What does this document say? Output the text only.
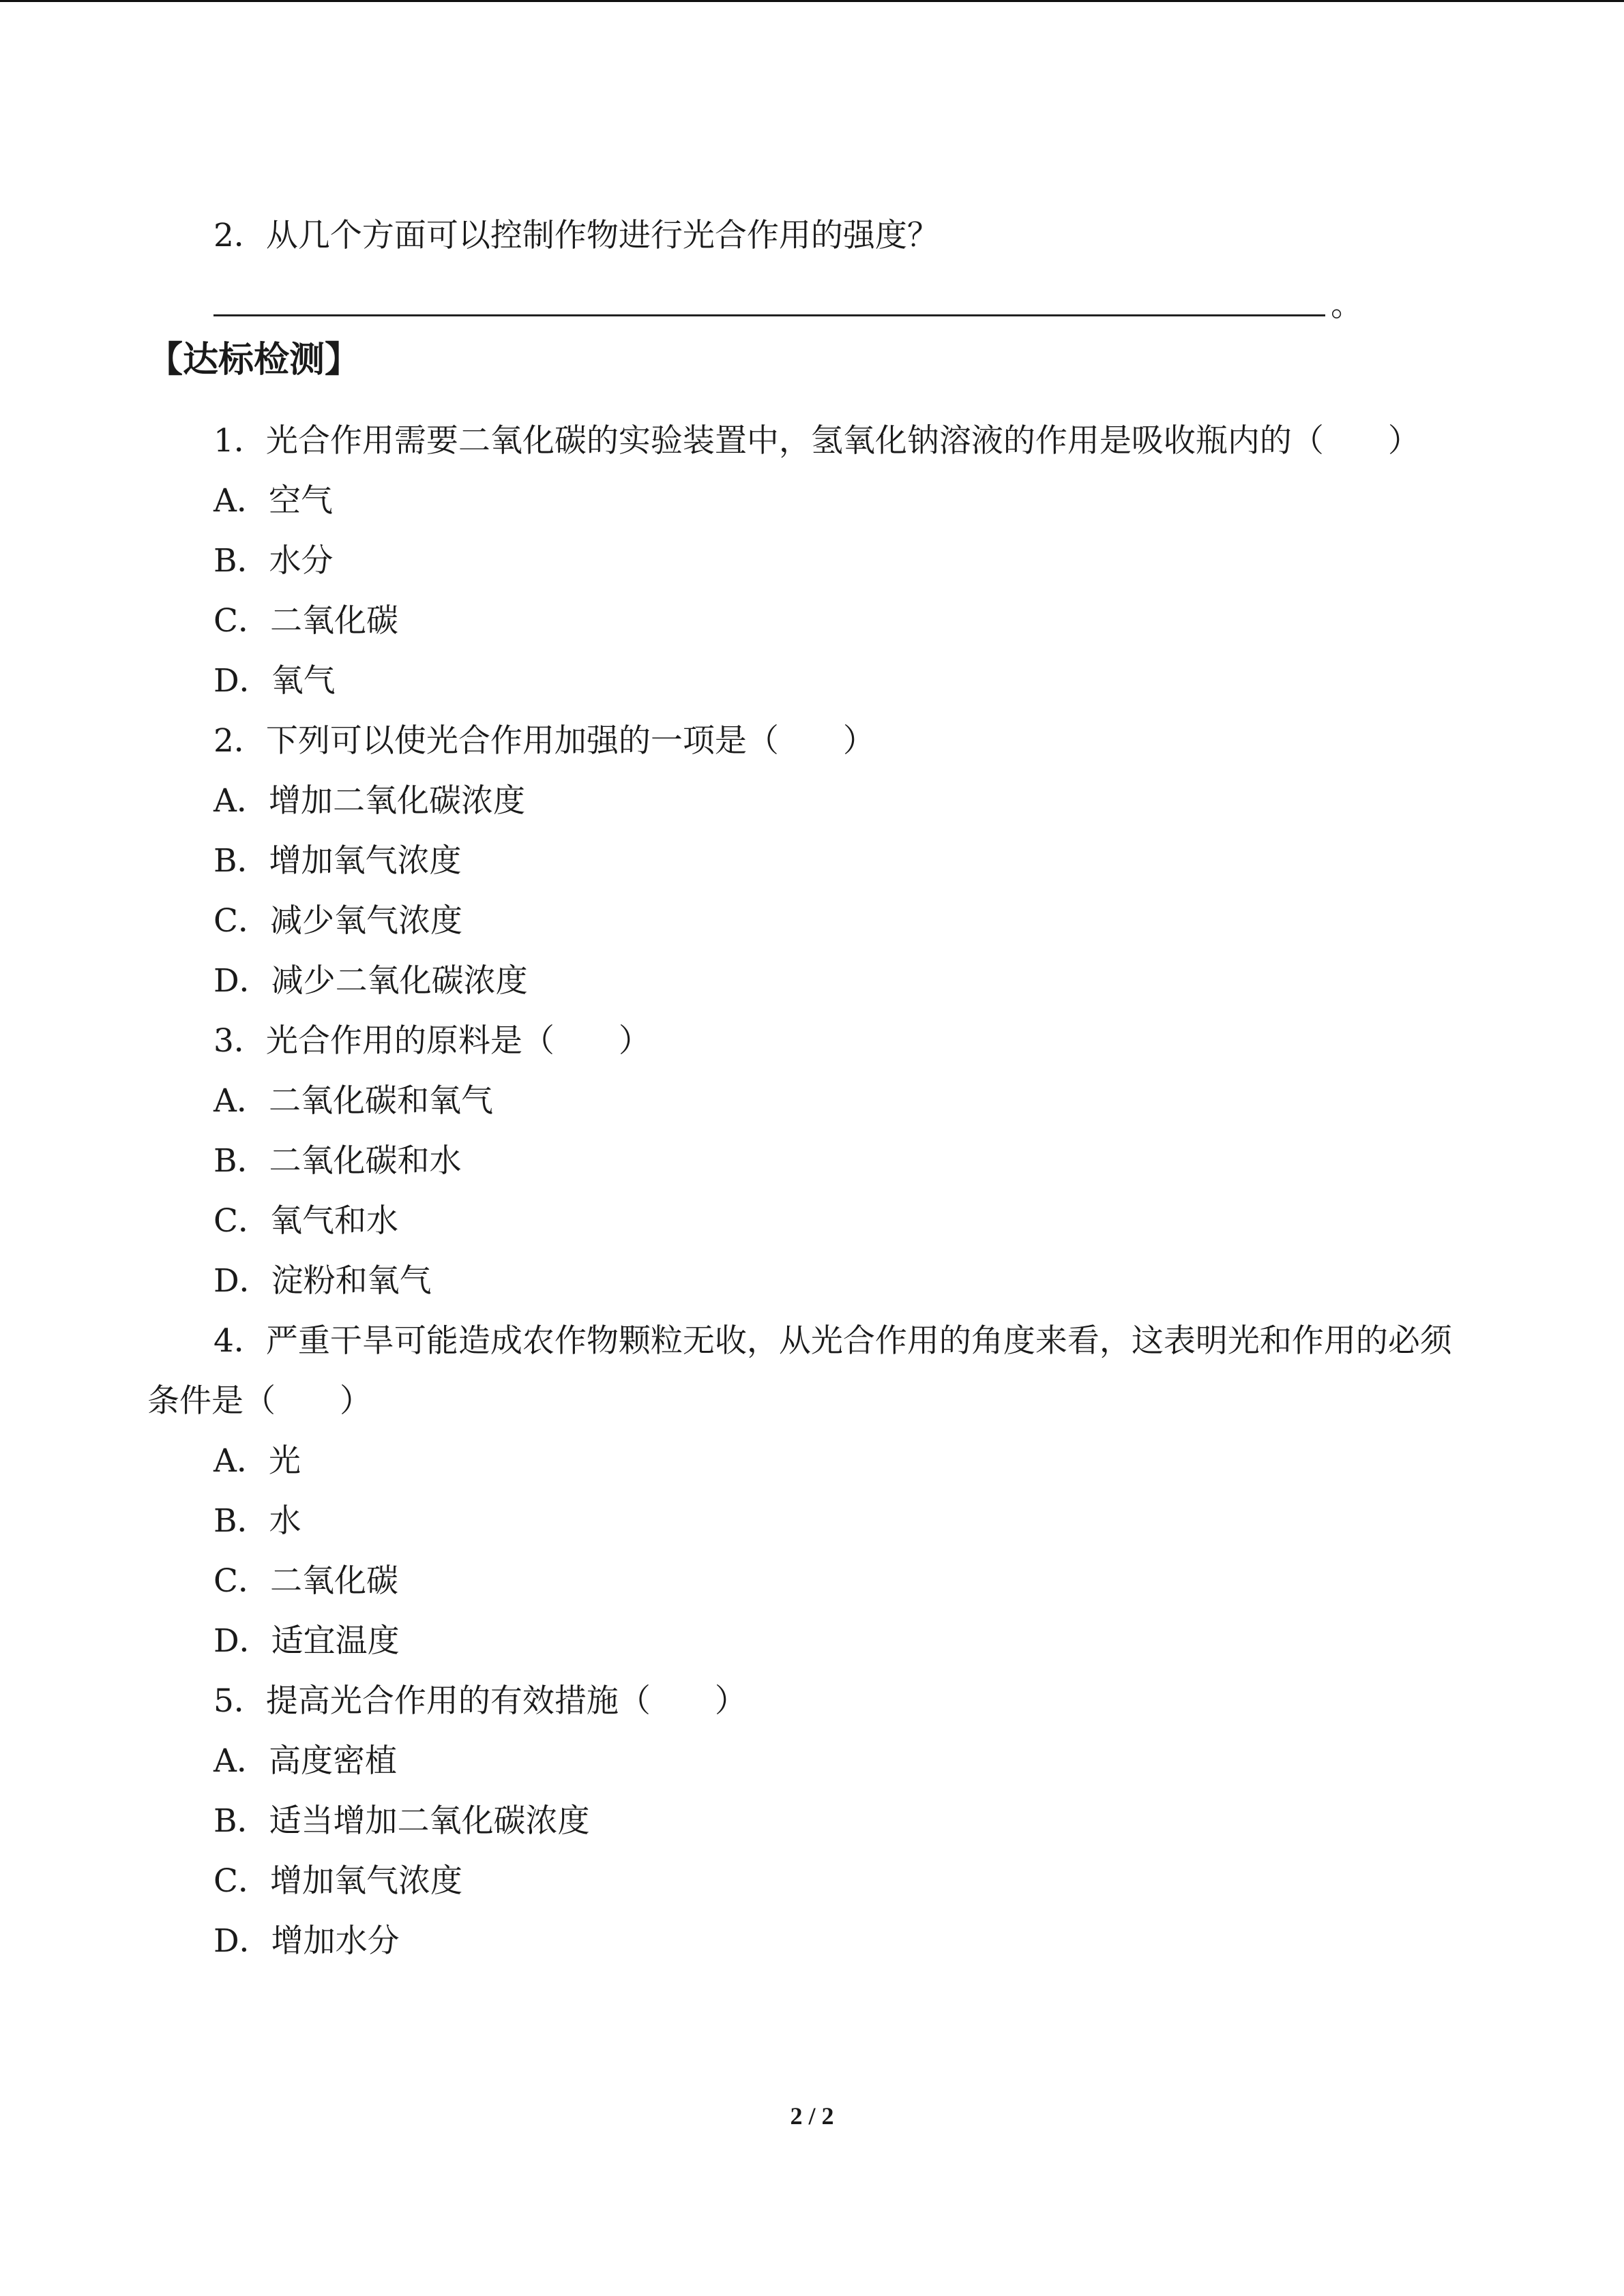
2．从几个方面可以控制作物进行光合作用的强度？
。
【达标检测】
1．光合作用需要二氧化碳的实验装置中，氢氧化钠溶液的作用是吸收瓶内的（　　）
A．空气
B．水分
C．二氧化碳
D．氧气
2．下列可以使光合作用加强的一项是（　　）
A．增加二氧化碳浓度
B．增加氧气浓度
C．减少氧气浓度
D．减少二氧化碳浓度
3．光合作用的原料是（　　）
A．二氧化碳和氧气
B．二氧化碳和水
C．氧气和水
D．淀粉和氧气
4．严重干旱可能造成农作物颗粒无收，从光合作用的角度来看，这表明光和作用的必须
条件是（　　）
A．光
B．水
C．二氧化碳
D．适宜温度
5．提高光合作用的有效措施（　　）
A．高度密植
B．适当增加二氧化碳浓度
C．增加氧气浓度
D．增加水分
2 / 2
